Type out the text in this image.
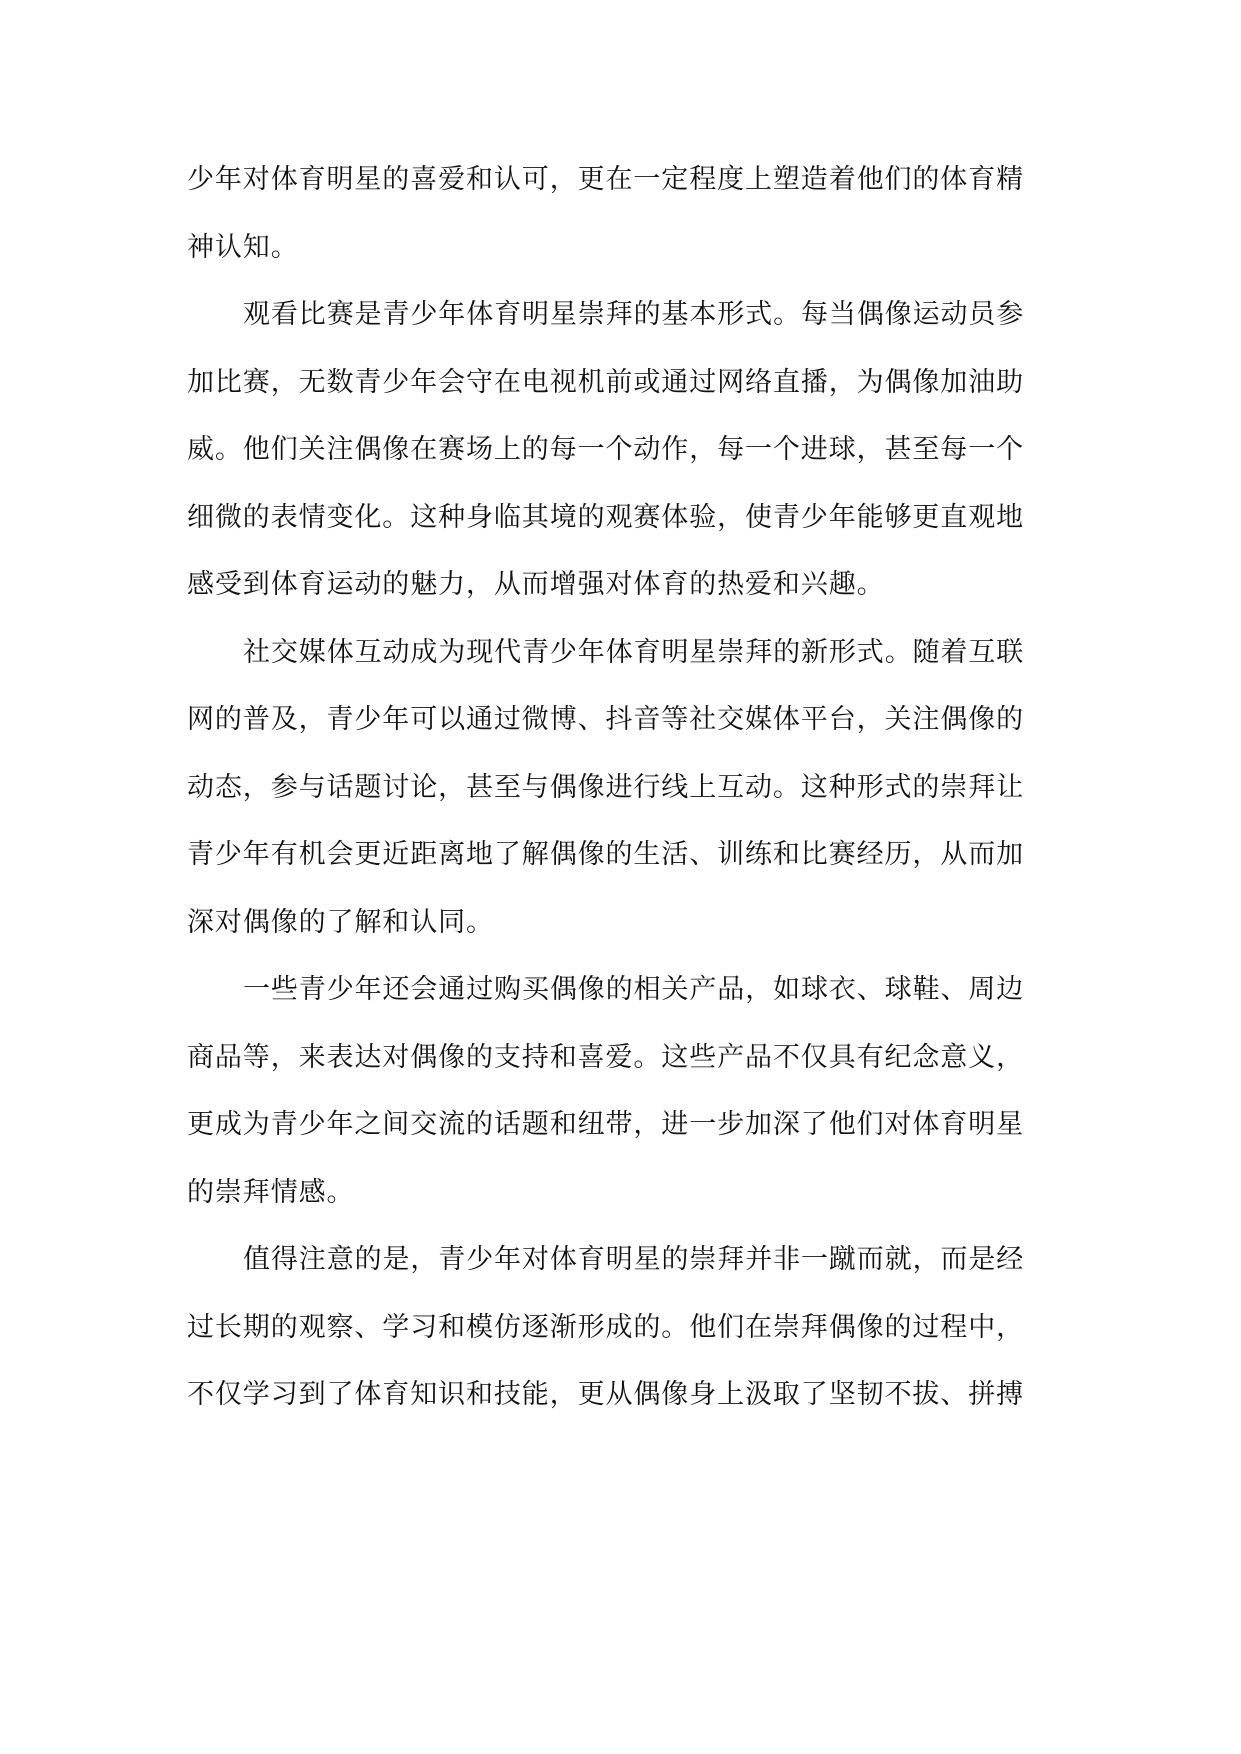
少年对体育明星的喜爱和认可，更在一定程度上塑造着他们的体育精
神认知。
观看比赛是青少年体育明星崇拜的基本形式。每当偶像运动员参
加比赛，无数青少年会守在电视机前或通过网络直播，为偶像加油助
威。他们关注偶像在赛场上的每一个动作，每一个进球，甚至每一个
细微的表情变化。这种身临其境的观赛体验，使青少年能够更直观地
感受到体育运动的魅力，从而增强对体育的热爱和兴趣。
社交媒体互动成为现代青少年体育明星崇拜的新形式。随着互联
网的普及，青少年可以通过微博、抖音等社交媒体平台，关注偶像的
动态，参与话题讨论，甚至与偶像进行线上互动。这种形式的崇拜让
青少年有机会更近距离地了解偶像的生活、训练和比赛经历，从而加
深对偶像的了解和认同。
一些青少年还会通过购买偶像的相关产品，如球衣、球鞋、周边
商品等，来表达对偶像的支持和喜爱。这些产品不仅具有纪念意义，
更成为青少年之间交流的话题和纽带，进一步加深了他们对体育明星
的崇拜情感。
值得注意的是，青少年对体育明星的崇拜并非一蹴而就，而是经
过长期的观察、学习和模仿逐渐形成的。他们在崇拜偶像的过程中，
不仅学习到了体育知识和技能，更从偶像身上汲取了坚韧不拔、拼搏
